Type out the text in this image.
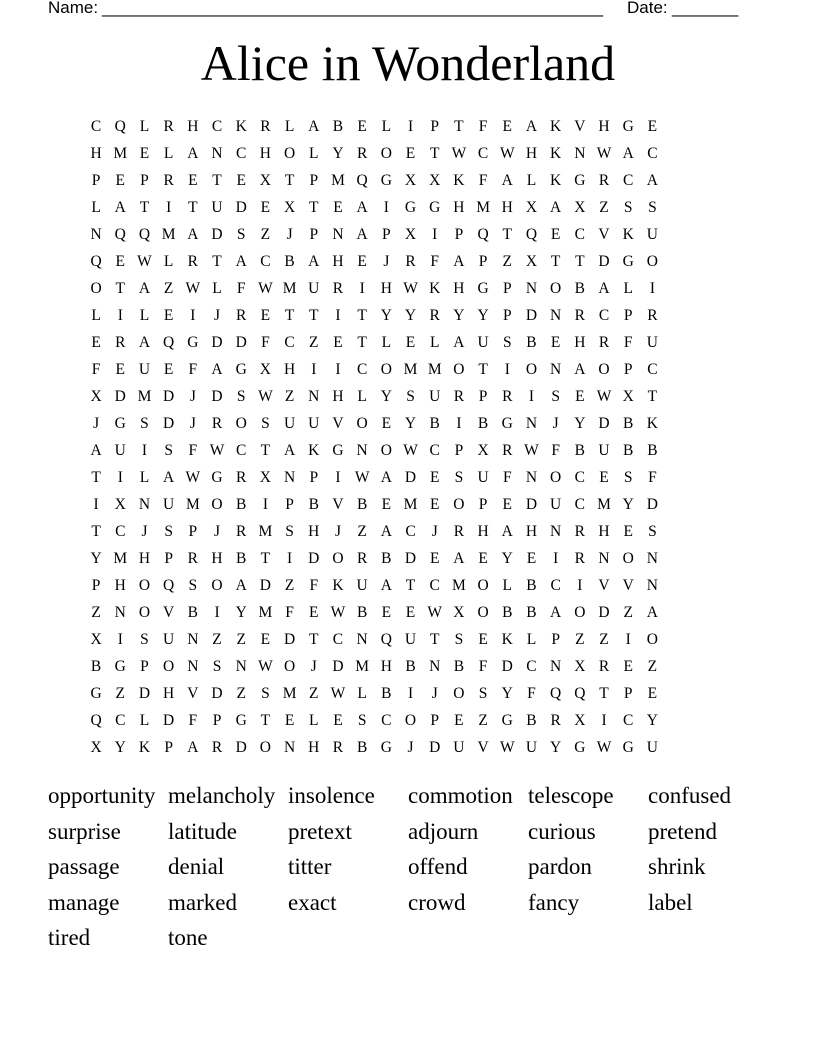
Name: _____________________________________________________ Date: _______
Alice in Wonderland
C Q L R H C K R L A B E L	I	P T F E A K V H G E
H M E L A N C H O L Y R O E T W C W H K N W A C
P E P R E T E X T P M Q G X X K F A L K G R C A
L A T	I	T U D E X T E A	I	G G H M H X A X Z S	S
N Q Q M A D S Z	J	P N A P X	I	P Q T Q E C V K U
Q E W L R T A C B A H E	J	R F A P Z X T T D G O
O T A Z W L F W M U R	I	H W K H G P N O B A L	I
L	I	L E	I	J	R E T T	I	T Y Y R Y Y P D N R C P R
E R A Q G D D F C Z E T L E L A U S B E H R F U
F E U E F A G X H	I	I	C O M M O T	I	O N A O P C
X D M D	J	D S W Z N H L Y S U R P R	I	S E W X T
J	G S D	J	R O S U U V O E Y B	I	B G N	J	Y D B K
A U	I	S	F W C T A K G N O W C P X R W F B U B B
T	I	L A W G R X N P	I W A D E S U F N O C E S	F
I	X N U M O B	I	P B V B E M E O P E D U C M Y D
T C	J	S	P	J	R M S H	J	Z A C	J	R H A H N R H E S
Y M H P R H B T	I	D O R B D E A E Y E	I	R N O N
P H O Q S O A D Z F K U A T C M O L B C	I	V V N
Z N O V B	I	Y M F E W B E E W X O B B A O D Z A
X	I	S U N Z Z E D T C N Q U T S E K L P Z Z	I	O
B G P O N S N W O	J	D M H B N B F D C N X R E Z
G Z D H V D Z S M Z W L B	I	J	O S Y F Q Q T P E
Q C L D F	P G T E L E S C O P E Z G B R X	I	C Y
X Y K P A R D O N H R B G	J	D U V W U Y G W G U
opportunity melancholy insolence	commotion telescope	confused
surprise	latitude	pretext	adjourn	curious	pretend
passage	denial	titter	offend	pardon	shrink
manage	marked	exact	crowd	fancy	label
tired	tone
